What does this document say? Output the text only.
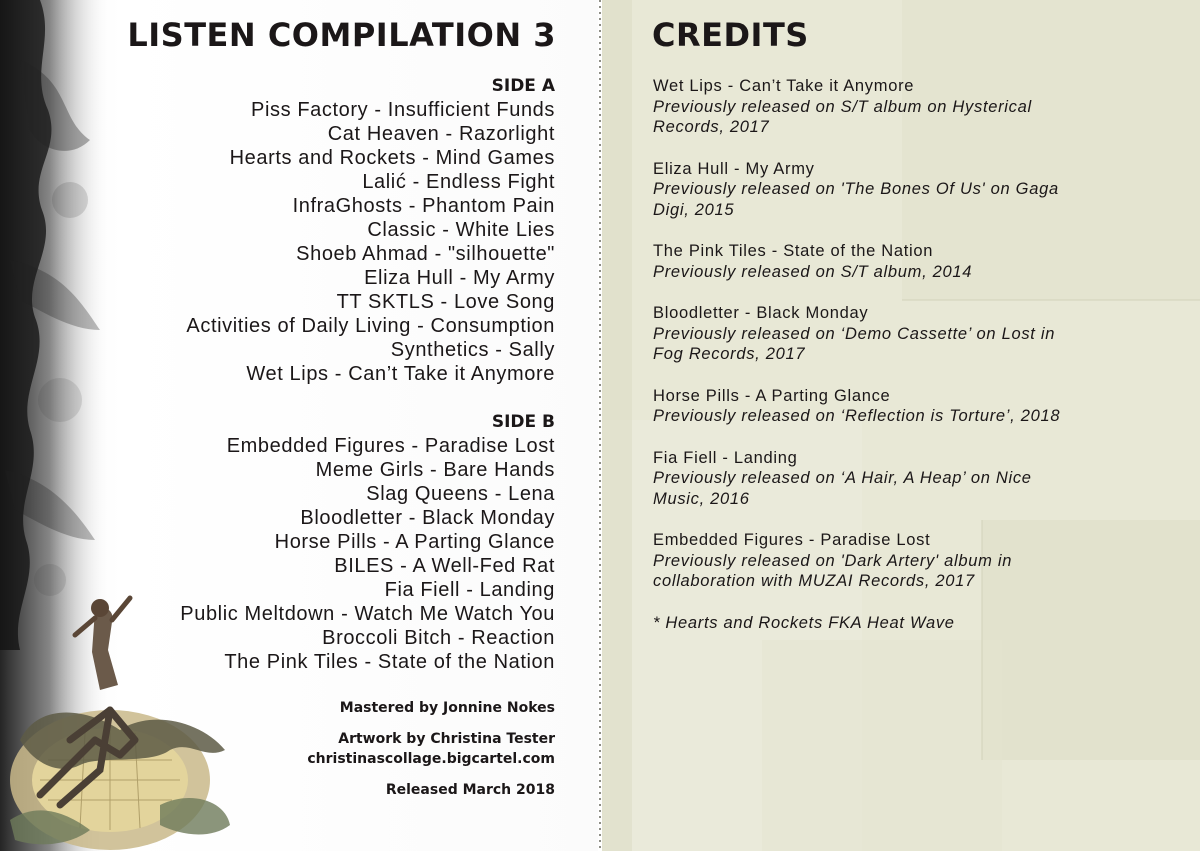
LISTEN COMPILATION 3
SIDE A
Piss Factory - Insufficient Funds
Cat Heaven - Razorlight
Hearts and Rockets - Mind Games
Lalić - Endless Fight
InfraGhosts - Phantom Pain
Classic - White Lies
Shoeb Ahmad - "silhouette"
Eliza Hull - My Army
TT SKTLS - Love Song
Activities of Daily Living - Consumption
Synthetics - Sally
Wet Lips - Can’t Take it Anymore
SIDE B
Embedded Figures - Paradise Lost
Meme Girls - Bare Hands
Slag Queens - Lena
Bloodletter - Black Monday
Horse Pills - A Parting Glance
BILES - A Well-Fed Rat
Fia Fiell - Landing
Public Meltdown - Watch Me Watch You
Broccoli Bitch - Reaction
The Pink Tiles - State of the Nation
Mastered by Jonnine Nokes
Artwork by Christina Tester
christinascollage.bigcartel.com
Released March 2018
CREDITS
Wet Lips - Can’t Take it Anymore
Previously released on S/T album on Hysterical
Records, 2017
Eliza Hull - My Army
Previously released on 'The Bones Of Us' on Gaga
Digi, 2015
The Pink Tiles - State of the Nation
Previously released on S/T album, 2014
Bloodletter - Black Monday
Previously released on ‘Demo Cassette’ on Lost in
Fog Records, 2017
Horse Pills - A Parting Glance
Previously released on ‘Reflection is Torture’, 2018
Fia Fiell - Landing
Previously released on ‘A Hair, A Heap’ on Nice
Music, 2016
Embedded Figures - Paradise Lost
Previously released on 'Dark Artery' album in
collaboration with MUZAI Records, 2017
* Hearts and Rockets FKA Heat Wave
